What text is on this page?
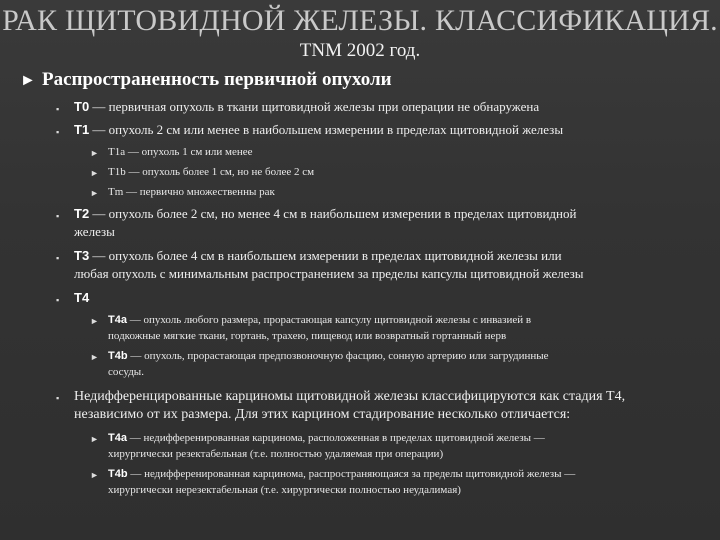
РАК ЩИТОВИДНОЙ ЖЕЛЕЗЫ. КЛАССИФИКАЦИЯ.
TNM 2002 год.
► Распространенность первичной опухоли
▪ T0 — первичная опухоль в ткани щитовидной железы при операции не обнаружена
▪ T1 — опухоль 2 см или менее в наибольшем измерении в пределах щитовидной железы
► T1a — опухоль 1 см или менее
► T1b — опухоль более 1 см, но не более 2 см
► Tm — первично множественны рак
▪ T2 — опухоль более 2 см, но менее 4 см в наибольшем измерении в пределах щитовидной
железы
▪ T3 — опухоль более 4 см в наибольшем измерении в пределах щитовидной железы или
любая опухоль с минимальным распространением за пределы капсулы щитовидной железы
▪ T4
► T4a — опухоль любого размера, прорастающая капсулу щитовидной железы с инвазией в
подкожные мягкие ткани, гортань, трахею, пищевод или возвратный гортанный нерв
► T4b — опухоль, прорастающая предпозвоночную фасцию, сонную артерию или загрудинные
сосуды.
▪ Недифференцированные карциномы щитовидной железы классифицируются как стадия Т4,
независимо от их размера. Для этих карцином стадирование несколько отличается:
► T4a — недифференированная карцинома, расположенная в пределах щитовидной железы —
хирургически резектабельная (т.е. полностью удаляемая при операции)
► T4b — недифференированная карцинома, распространяющаяся за пределы щитовидной железы —
хирургически нерезектабельная (т.е. хирургически полностью неудалимая)
